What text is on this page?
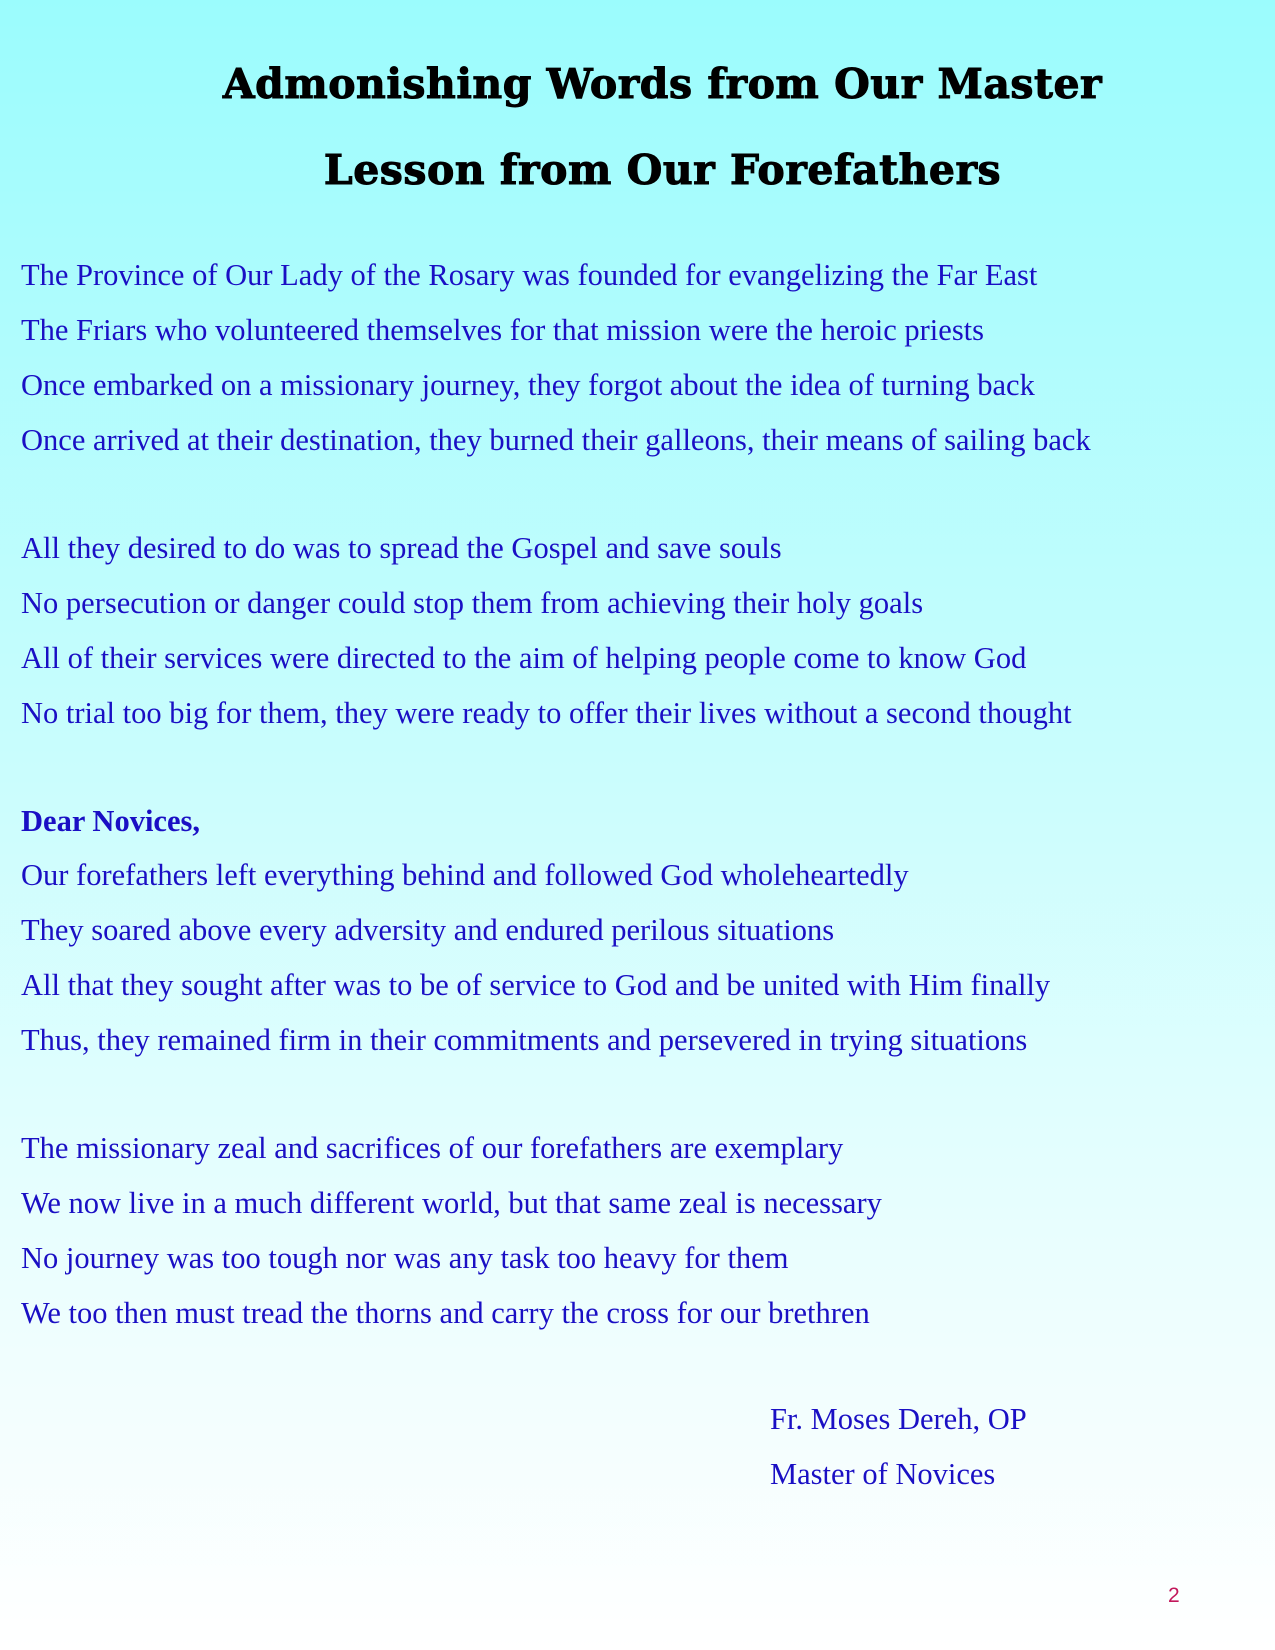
Admonishing Words from Our Master
Lesson from Our Forefathers

The Province of Our Lady of the Rosary was founded for evangelizing the Far East

The Friars who volunteered themselves for that mission were the heroic priests

Once embarked on a missionary journey, they forgot about the idea of turning back

Once arrived at their destination, they burned their galleons, their means of sailing back

All they desired to do was to spread the Gospel and save souls

No persecution or danger could stop them from achieving their holy goals

All of their services were directed to the aim of helping people come to know God

No trial too big for them, they were ready to offer their lives without a second thought

Dear Novices,

Our forefathers left everything behind and followed God wholeheartedly

They soared above every adversity and endured perilous situations

All that they sought after was to be of service to God and be united with Him finally

Thus, they remained firm in their commitments and persevered in trying situations

The missionary zeal and sacrifices of our forefathers are exemplary

We now live in a much different world, but that same zeal is necessary

No journey was too tough nor was any task too heavy for them

We too then must tread the thorns and carry the cross for our brethren

Fr. Moses Dereh, OP

Master of Novices

2
